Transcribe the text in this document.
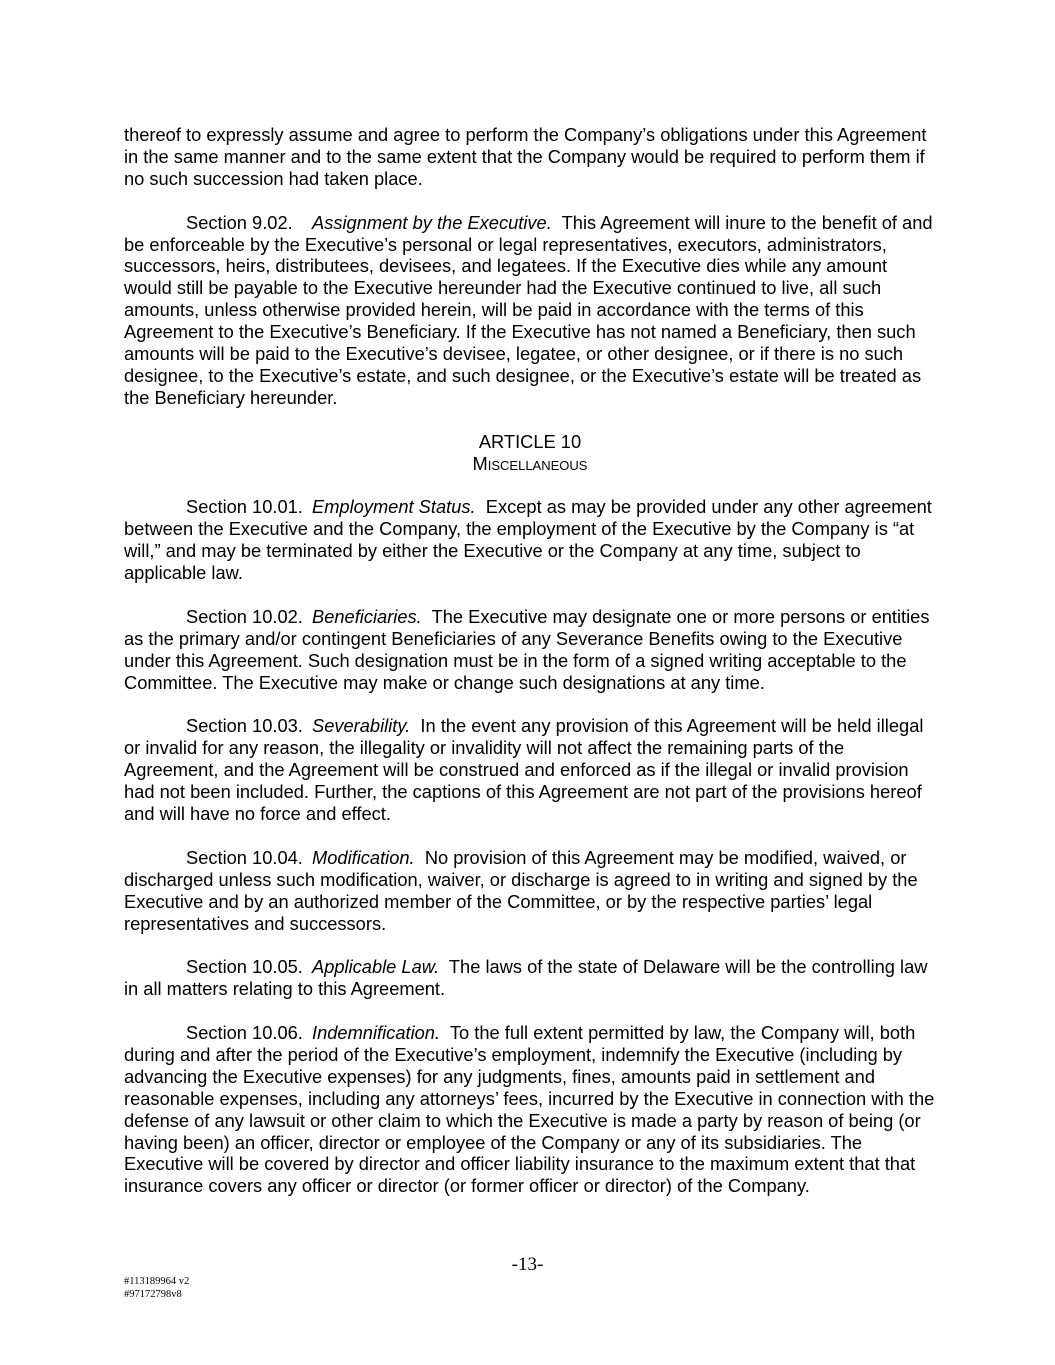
thereof to expressly assume and agree to perform the Company’s obligations under this Agreement in the same manner and to the same extent that the Company would be required to perform them if no such succession had taken place.

Section 9.02. Assignment by the Executive. This Agreement will inure to the benefit of and be enforceable by the Executive’s personal or legal representatives, executors, administrators, successors, heirs, distributees, devisees, and legatees. If the Executive dies while any amount would still be payable to the Executive hereunder had the Executive continued to live, all such amounts, unless otherwise provided herein, will be paid in accordance with the terms of this Agreement to the Executive’s Beneficiary. If the Executive has not named a Beneficiary, then such amounts will be paid to the Executive’s devisee, legatee, or other designee, or if there is no such designee, to the Executive’s estate, and such designee, or the Executive’s estate will be treated as the Beneficiary hereunder.

ARTICLE 10

Miscellaneous

Section 10.01. Employment Status. Except as may be provided under any other agreement between the Executive and the Company, the employment of the Executive by the Company is “at will,” and may be terminated by either the Executive or the Company at any time, subject to applicable law.

Section 10.02. Beneficiaries. The Executive may designate one or more persons or entities as the primary and/or contingent Beneficiaries of any Severance Benefits owing to the Executive under this Agreement. Such designation must be in the form of a signed writing acceptable to the Committee. The Executive may make or change such designations at any time.

Section 10.03. Severability. In the event any provision of this Agreement will be held illegal or invalid for any reason, the illegality or invalidity will not affect the remaining parts of the Agreement, and the Agreement will be construed and enforced as if the illegal or invalid provision had not been included. Further, the captions of this Agreement are not part of the provisions hereof and will have no force and effect.

Section 10.04. Modification. No provision of this Agreement may be modified, waived, or discharged unless such modification, waiver, or discharge is agreed to in writing and signed by the Executive and by an authorized member of the Committee, or by the respective parties’ legal representatives and successors.

Section 10.05. Applicable Law. The laws of the state of Delaware will be the controlling law in all matters relating to this Agreement.

Section 10.06. Indemnification. To the full extent permitted by law, the Company will, both during and after the period of the Executive’s employment, indemnify the Executive (including by advancing the Executive expenses) for any judgments, fines, amounts paid in settlement and reasonable expenses, including any attorneys’ fees, incurred by the Executive in connection with the defense of any lawsuit or other claim to which the Executive is made a party by reason of being (or having been) an officer, director or employee of the Company or any of its subsidiaries. The Executive will be covered by director and officer liability insurance to the maximum extent that that insurance covers any officer or director (or former officer or director) of the Company.

-13-
#113189964 v2
#97172798v8
